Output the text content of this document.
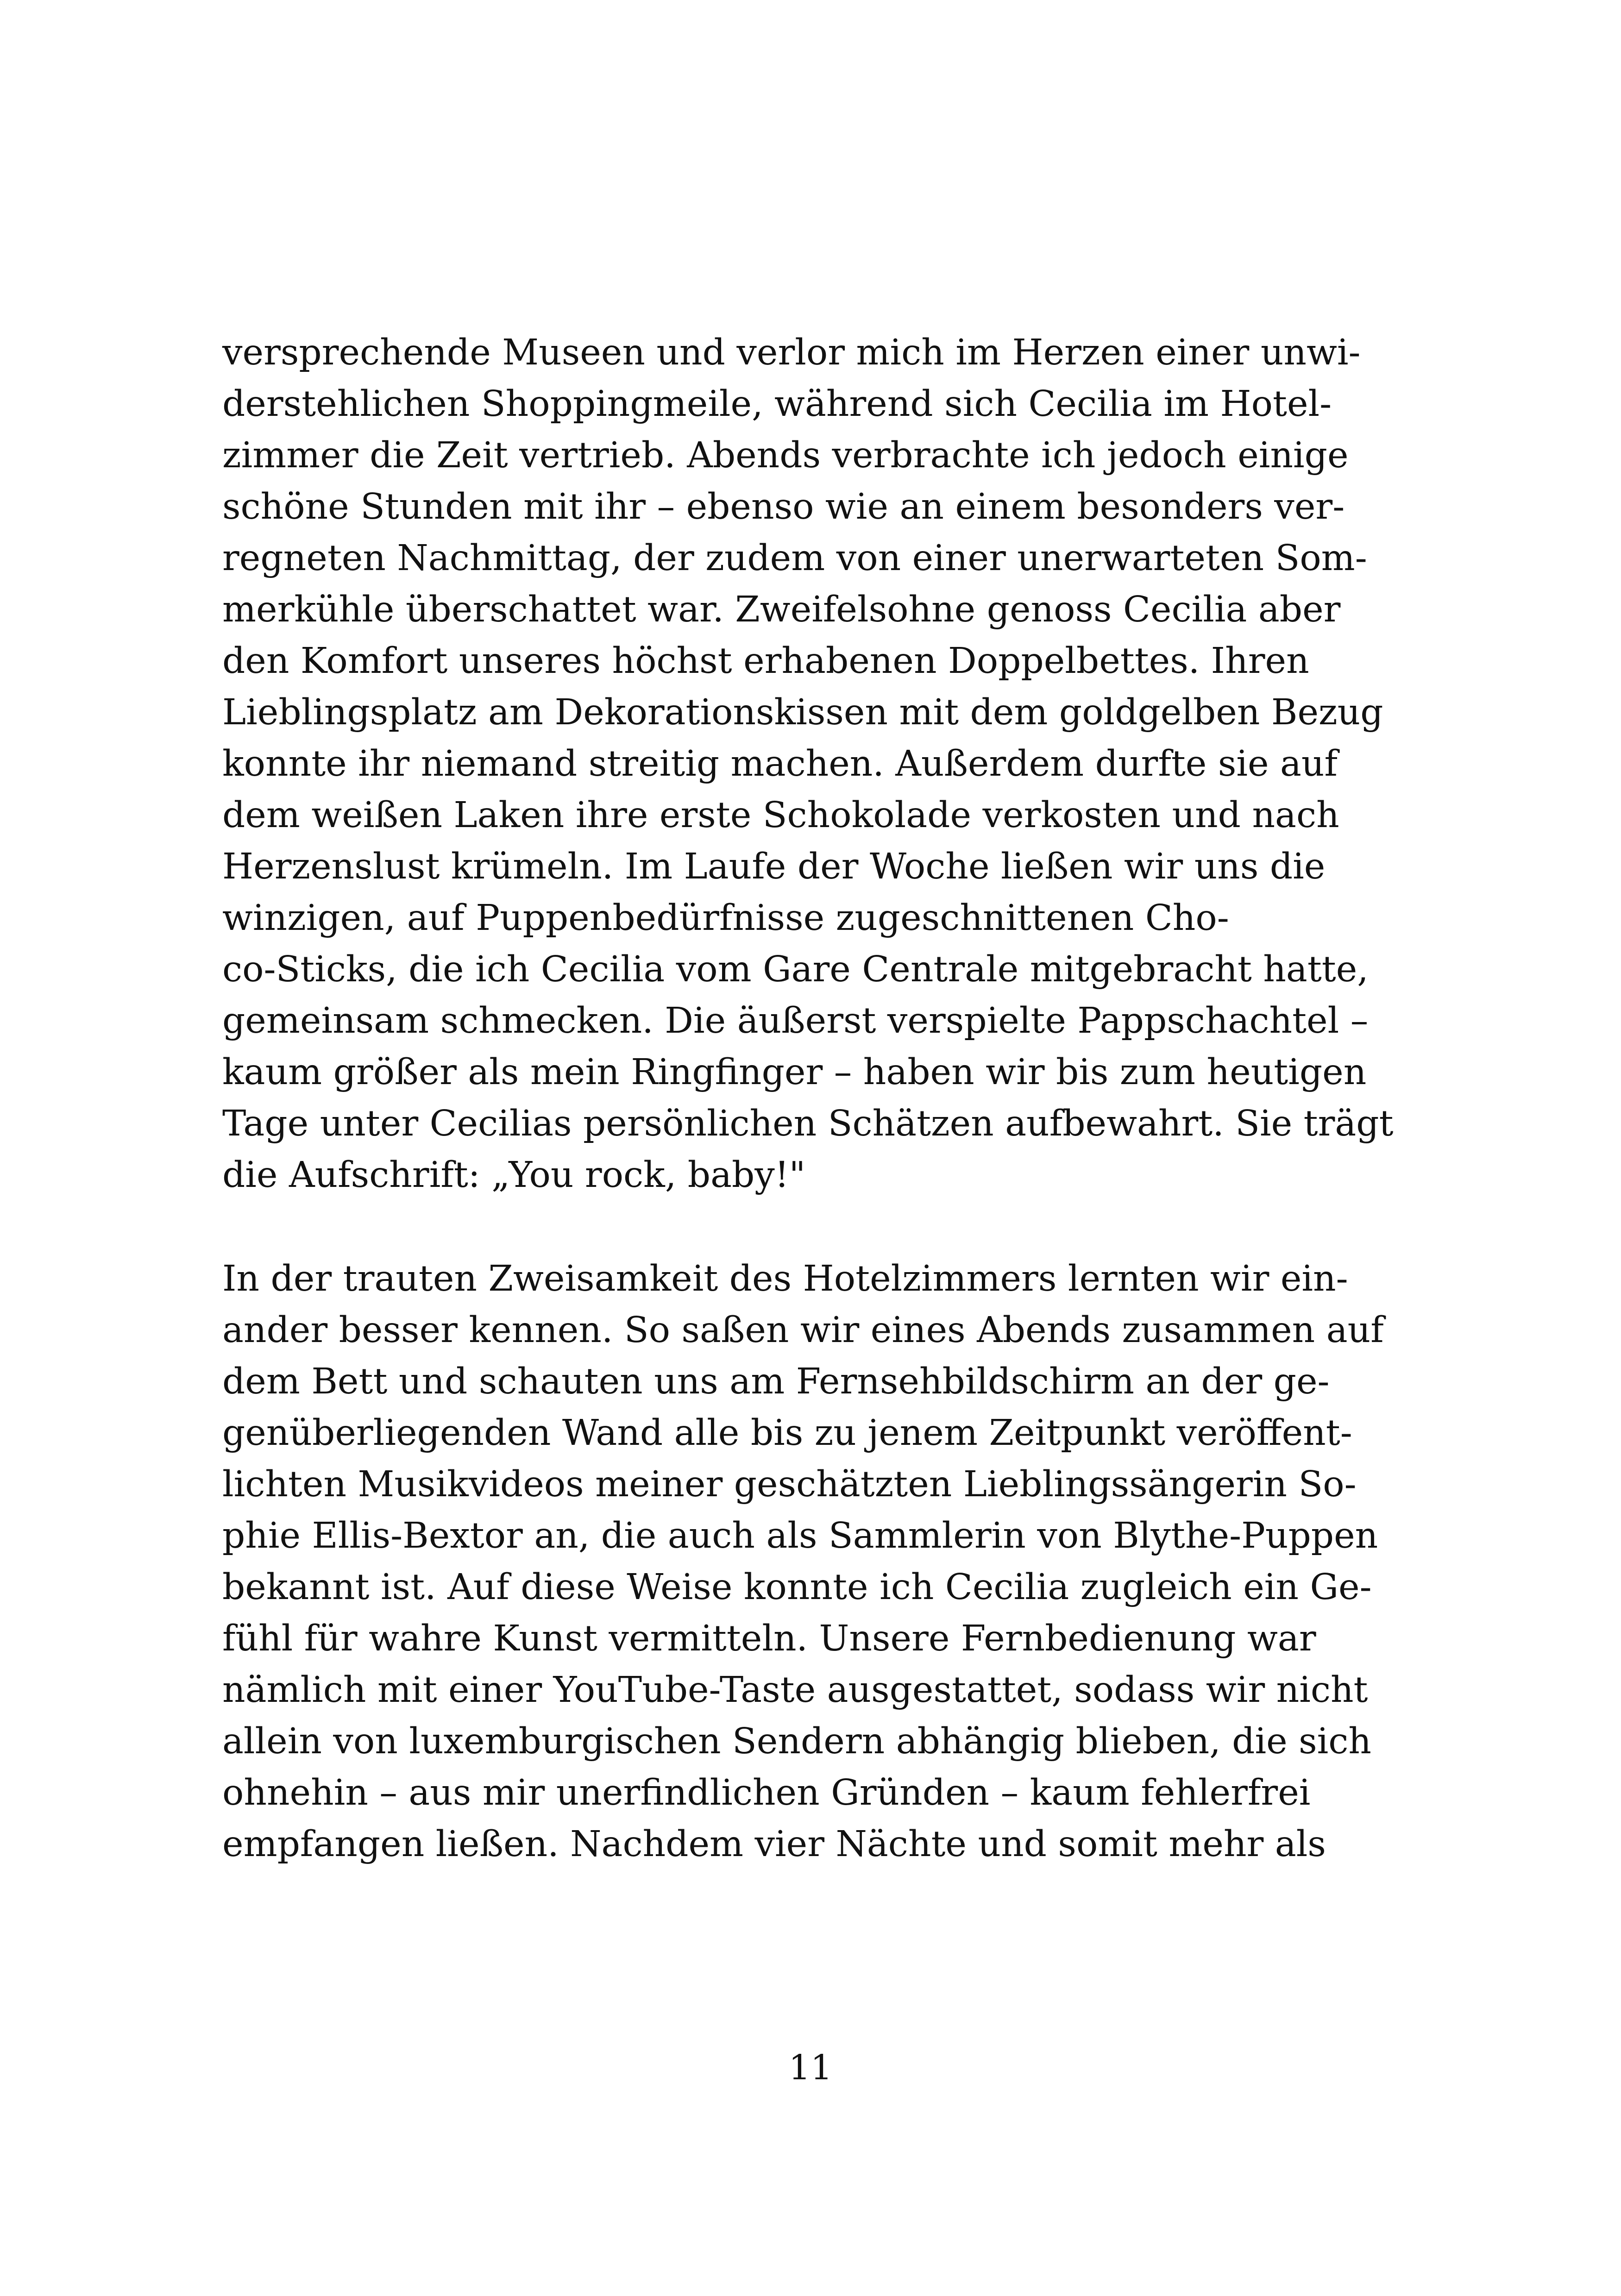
versprechende Museen und verlor mich im Herzen einer unwi-
derstehlichen Shoppingmeile, während sich Cecilia im Hotel-
zimmer die Zeit vertrieb. Abends verbrachte ich jedoch einige
schöne Stunden mit ihr – ebenso wie an einem besonders ver-
regneten Nachmittag, der zudem von einer unerwarteten Som-
merkühle überschattet war. Zweifelsohne genoss Cecilia aber
den Komfort unseres höchst erhabenen Doppelbettes. Ihren
Lieblingsplatz am Dekorationskissen mit dem goldgelben Bezug
konnte ihr niemand streitig machen. Außerdem durfte sie auf
dem weißen Laken ihre erste Schokolade verkosten und nach
Herzenslust krümeln. Im Laufe der Woche ließen wir uns die
winzigen, auf Puppenbedürfnisse zugeschnittenen Cho-
co-Sticks, die ich Cecilia vom Gare Centrale mitgebracht hatte,
gemeinsam schmecken. Die äußerst verspielte Pappschachtel –
kaum größer als mein Ringfinger – haben wir bis zum heutigen
Tage unter Cecilias persönlichen Schätzen aufbewahrt. Sie trägt
die Aufschrift: „You rock, baby!"
In der trauten Zweisamkeit des Hotelzimmers lernten wir ein-
ander besser kennen. So saßen wir eines Abends zusammen auf
dem Bett und schauten uns am Fernsehbildschirm an der ge-
genüberliegenden Wand alle bis zu jenem Zeitpunkt veröffent-
lichten Musikvideos meiner geschätzten Lieblingssängerin So-
phie Ellis-Bextor an, die auch als Sammlerin von Blythe-Puppen
bekannt ist. Auf diese Weise konnte ich Cecilia zugleich ein Ge-
fühl für wahre Kunst vermitteln. Unsere Fernbedienung war
nämlich mit einer YouTube-Taste ausgestattet, sodass wir nicht
allein von luxemburgischen Sendern abhängig blieben, die sich
ohnehin – aus mir unerfindlichen Gründen – kaum fehlerfrei
empfangen ließen. Nachdem vier Nächte und somit mehr als
11
